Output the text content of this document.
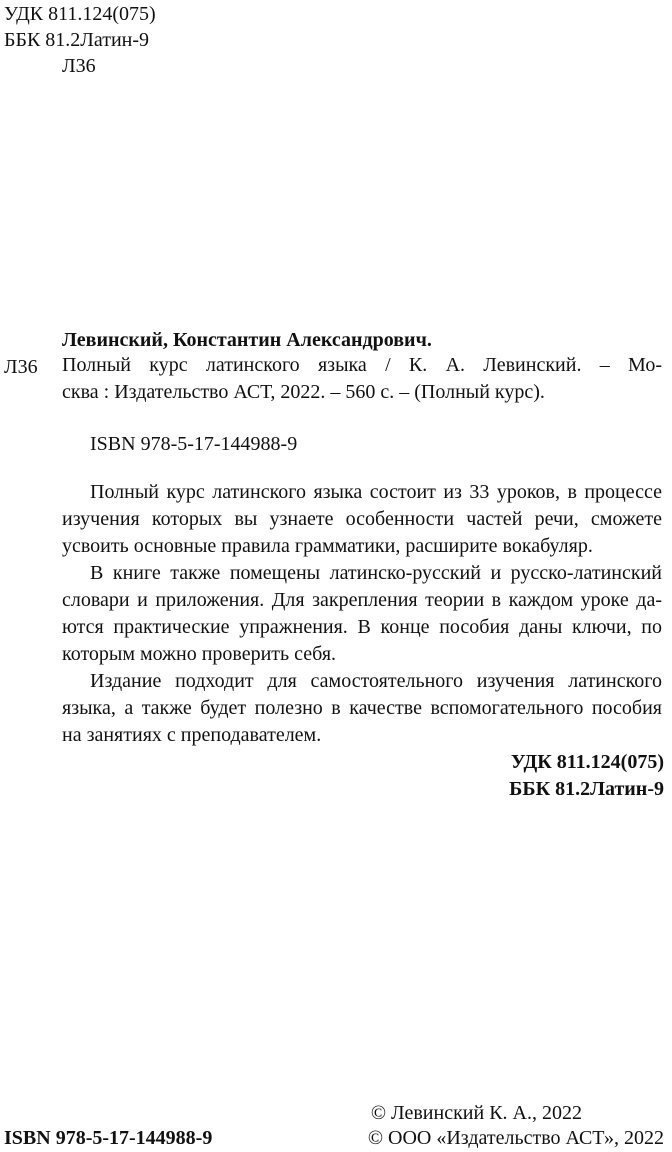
УДК 811.124(075)
ББК 81.2Латин-9
Л36
Левинский, Константин Александрович.
Л36 Полный курс латинского языка / К. А. Левинский. – Мо-
сква : Издательство АСТ, 2022. – 560 с. – (Полный курс).
ISBN 978-5-17-144988-9
Полный курс латинского языка состоит из 33 уроков, в процессе
изучения которых вы узнаете особенности частей речи, сможете
усвоить основные правила грамматики, расширите вокабуляр.
В книге также помещены латинско-русский и русско-латинский
словари и приложения. Для закрепления теории в каждом уроке да-
ются практические упражнения. В конце пособия даны ключи, по
которым можно проверить себя.
Издание подходит для самостоятельного изучения латинского
языка, а также будет полезно в качестве вспомогательного пособия
на занятиях с преподавателем.
УДК 811.124(075)
ББК 81.2Латин-9
© Левинский К. А., 2022
ISBN 978-5-17-144988-9	© ООО «Издательство АСТ», 2022
